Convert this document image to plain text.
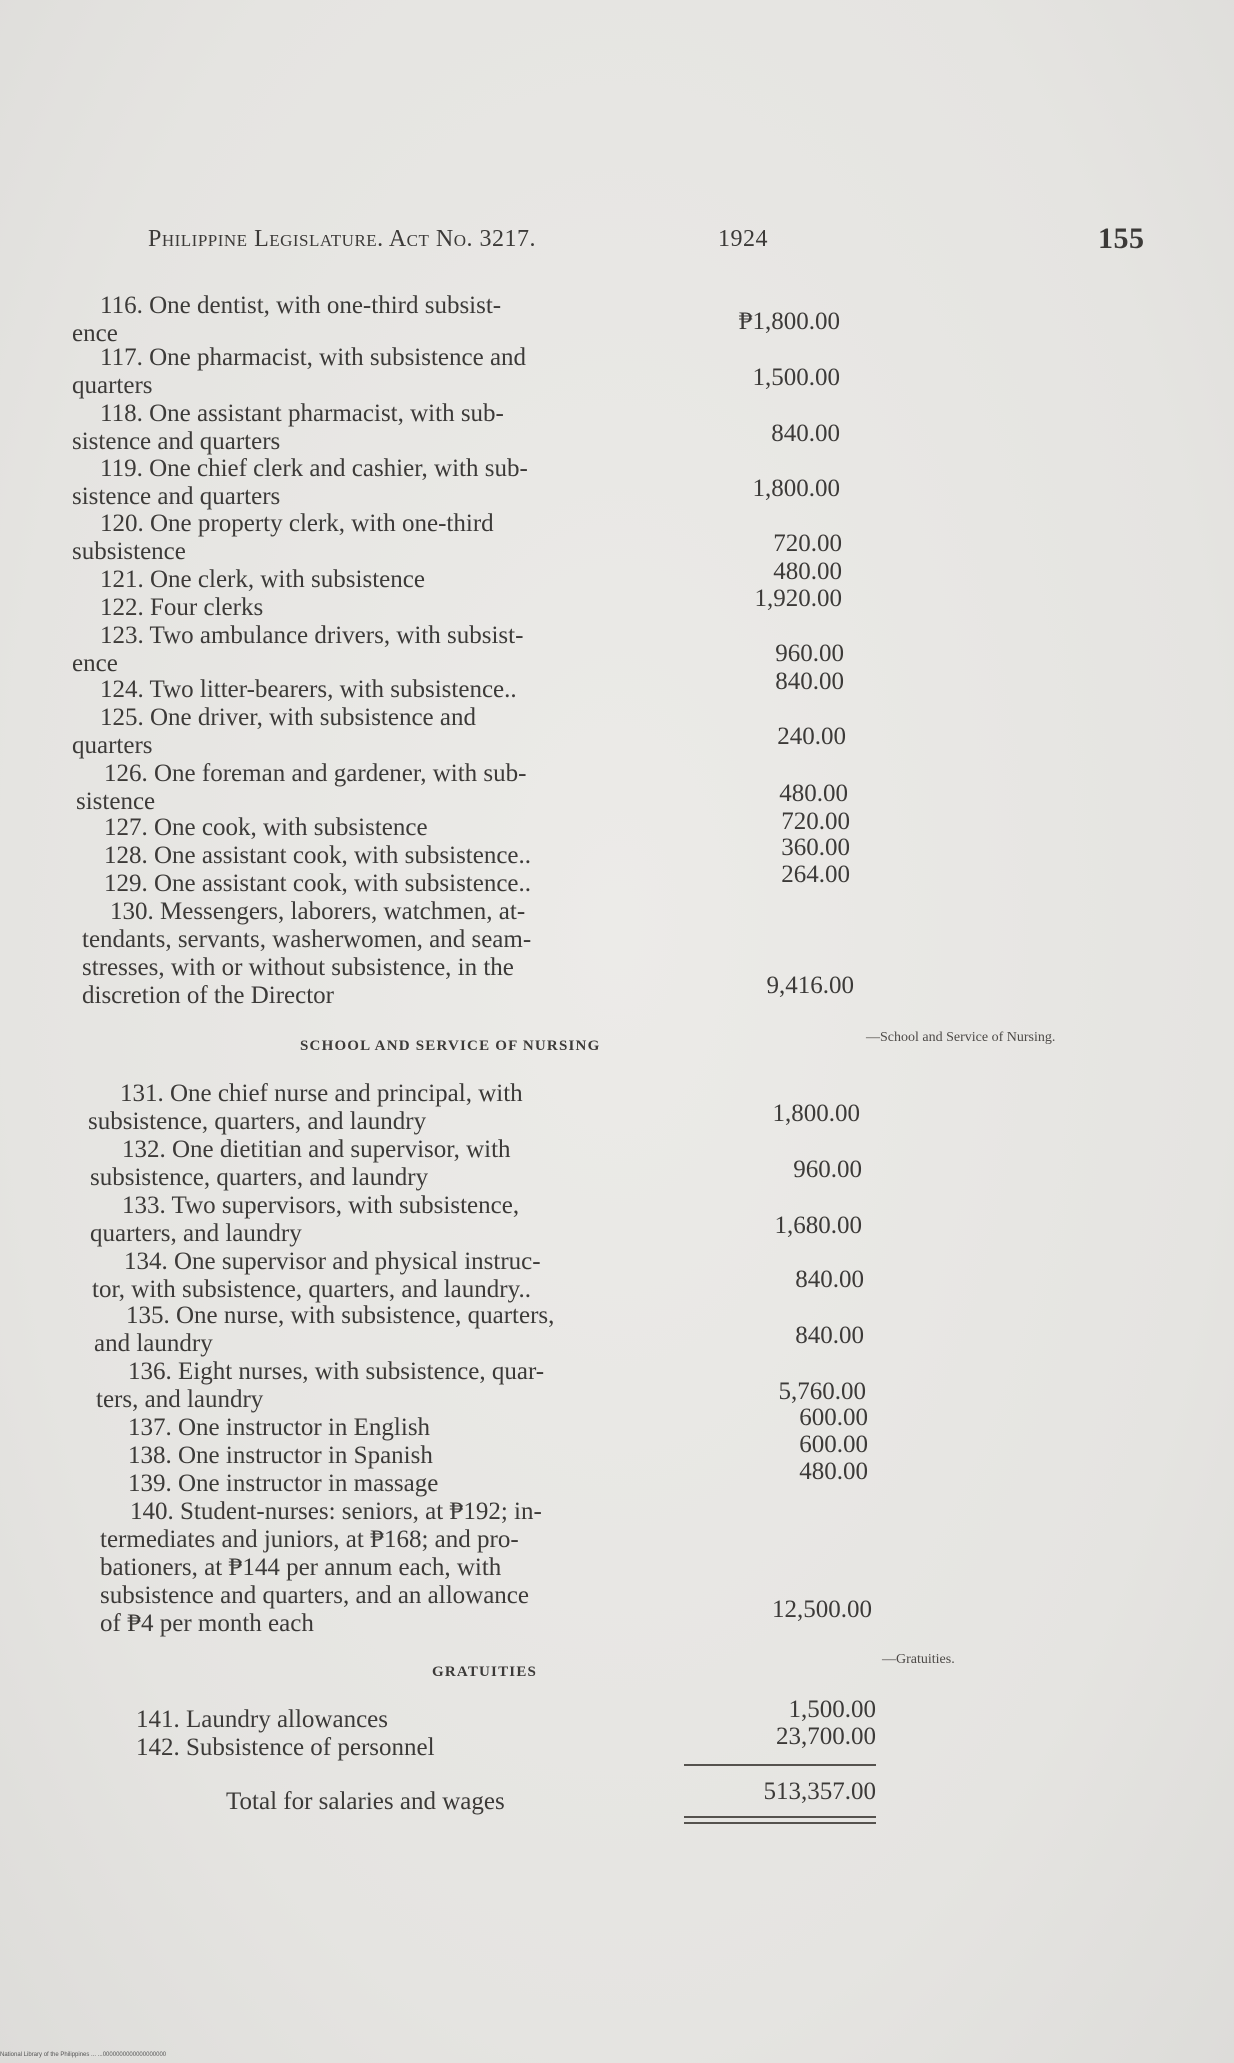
Philippine Legislature. Act No. 3217.	1924	155
116. One dentist, with one-third subsist-
ence	₱1,800.00
117. One pharmacist, with subsistence and
quarters	1,500.00
118. One assistant pharmacist, with sub-
sistence and quarters	840.00
119. One chief clerk and cashier, with sub-
sistence and quarters	1,800.00
120. One property clerk, with one-third
subsistence	720.00
121. One clerk, with subsistence	480.00
122. Four clerks	1,920.00
123. Two ambulance drivers, with subsist-
ence	960.00
124. Two litter-bearers, with subsistence..	840.00
125. One driver, with subsistence and
quarters	240.00
126. One foreman and gardener, with sub-
sistence	480.00
127. One cook, with subsistence	720.00
128. One assistant cook, with subsistence..	360.00
129. One assistant cook, with subsistence..	264.00
130. Messengers, laborers, watchmen, at-
tendants, servants, washerwomen, and seam-
stresses, with or without subsistence, in the
discretion of the Director	9,416.00
SCHOOL AND SERVICE OF NURSING
—School and Service of Nursing.
131. One chief nurse and principal, with
subsistence, quarters, and laundry	1,800.00
132. One dietitian and supervisor, with
subsistence, quarters, and laundry	960.00
133. Two supervisors, with subsistence,
quarters, and laundry	1,680.00
134. One supervisor and physical instruc-
tor, with subsistence, quarters, and laundry..	840.00
135. One nurse, with subsistence, quarters,
and laundry	840.00
136. Eight nurses, with subsistence, quar-
ters, and laundry	5,760.00
137. One instructor in English	600.00
138. One instructor in Spanish	600.00
139. One instructor in massage	480.00
140. Student-nurses: seniors, at ₱192; in-
termediates and juniors, at ₱168; and pro-
bationers, at ₱144 per annum each, with
subsistence and quarters, and an allowance
of ₱4 per month each
12,500.00
GRATUITIES
—Gratuities.
141. Laundry allowances	1,500.00
142. Subsistence of personnel	23,700.00
Total for salaries and wages	513,357.00
National Library of the Philippines ... ...0000000000000000000
